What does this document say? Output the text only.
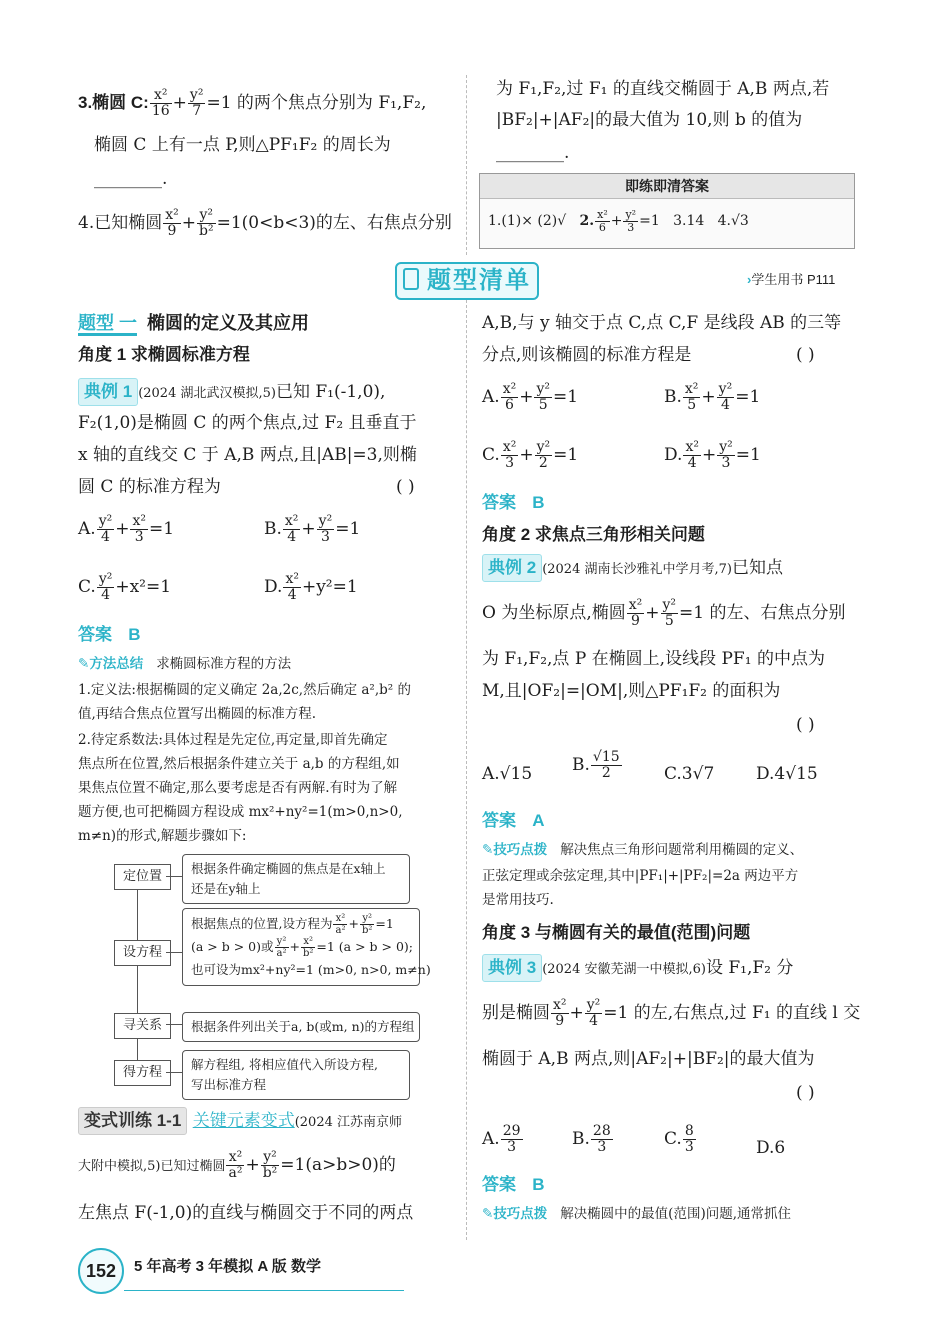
3.椭圆 C: $\frac{\text{x²}}{16} + \frac{\text{y²}}{7} =1$ 的两个焦点分别为 F₁,F₂,
椭圆 C 上有一点 P,则△PF₁F₂ 的周长为
________.
4.已知椭圆 $\frac{\text{x²}}{9} + \frac{\text{y²}}{\text{b²}} =1(0<b<3)$的左、右焦点分别
为 F₁,F₂,过 F₁ 的直线交椭圆于 A,B 两点,若
|BF₂|+|AF₂|的最大值为 10,则 b 的值为
________.
即练即清答案
1.(1)× (2)√ 2. $\frac{\text{x²}}{6} + \frac{\text{y²}}{3} =1$ 3.14 4.√3
题型清单	›学生用书 P111
题型 一 椭圆的定义及其应用
角度 1 求椭圆标准方程
典例 1 (2024 湖北武汉模拟,5)已知 F₁(-1,0),
F₂(1,0)是椭圆 C 的两个焦点,过 F₂ 且垂直于
x 轴的直线交 C 于 A,B 两点,且|AB|=3,则椭
圆 C 的标准方程为	( )
A. $\frac{\text{y²}}{4} + \frac{\text{x²}}{3} =1$	B. $\frac{\text{x²}}{4} + \frac{\text{y²}}{3} =1$
C. $\frac{\text{y²}}{4} +x^2=1$	D. $\frac{\text{x²}}{4} +y^2=1$
答案 B
✎方法总结 求椭圆标准方程的方法
1.定义法:根据椭圆的定义确定 2a,2c,然后确定 a²,b² 的
值,再结合焦点位置写出椭圆的标准方程.
2.待定系数法:具体过程是先定位,再定量,即首先确定
焦点所在位置,然后根据条件建立关于 a,b 的方程组,如
果焦点位置不确定,那么要考虑是否有两解.有时为了解
题方便,也可把椭圆方程设成 mx²+ny²=1(m>0,n>0,
m≠n)的形式,解题步骤如下:
定位置
设方程
寻关系
得方程
根据条件确定椭圆的焦点是在x轴上
还是在y轴上
根据焦点的位置,设方程为 $\frac{\text{x²}}{\text{a²}} + \frac{\text{y²}}{\text{b²}} =1$
(a > b > 0)或 $\frac{\text{y²}}{\text{a²}} + \frac{\text{x²}}{\text{b²}} =1$ (a > b > 0);
也可设为mx²+ny²=1 (m>0, n>0, m≠n)
根据条件列出关于a, b(或m, n)的方程组
解方程组, 将相应值代入所设方程,
写出标准方程
变式训练 1-1 关键元素变式(2024 江苏南京师
大附中模拟,5)已知过椭圆 $\frac{\text{x²}}{\text{a²}} + \frac{\text{y²}}{\text{b²}} =1(a>b>0)$的
左焦点 F(-1,0)的直线与椭圆交于不同的两点
A,B,与 y 轴交于点 C,点 C,F 是线段 AB 的三等
分点,则该椭圆的标准方程是	( )
A. $\frac{\text{x²}}{6} + \frac{\text{y²}}{5} =1$	B. $\frac{\text{x²}}{5} + \frac{\text{y²}}{4} =1$
C. $\frac{\text{x²}}{3} + \frac{\text{y²}}{2} =1$	D. $\frac{\text{x²}}{4} + \frac{\text{y²}}{3} =1$
答案 B
角度 2 求焦点三角形相关问题
典例 2 (2024 湖南长沙雅礼中学月考,7)已知点
O 为坐标原点,椭圆 $\frac{\text{x²}}{9} + \frac{\text{y²}}{5} =1$ 的左、右焦点分别
为 F₁,F₂,点 P 在椭圆上,设线段 PF₁ 的中点为
M,且|OF₂|=|OM|,则△PF₁F₂ 的面积为
( )
A.√15 B. $\frac{√15}{2} C.3√7$ D.4√15
答案 A
✎技巧点拨 解决焦点三角形问题常利用椭圆的定义、
正弦定理或余弦定理,其中|PF₁|+|PF₂|=2a 两边平方
是常用技巧.
角度 3 与椭圆有关的最值(范围)问题
典例 3 (2024 安徽芜湖一中模拟,6)设 F₁,F₂ 分
别是椭圆 $\frac{\text{x²}}{9} + \frac{\text{y²}}{4} =1$ 的左,右焦点,过 F₁ 的直线 l 交
椭圆于 A,B 两点,则|AF₂|+|BF₂|的最大值为
( )
A. $\frac{29}{3}$	B. $\frac{28}{3}$	C. $\frac{8}{3}$	D.6
答案 B
✎技巧点拨 解决椭圆中的最值(范围)问题,通常抓住
152	5 年高考 3 年模拟 A 版 数学
